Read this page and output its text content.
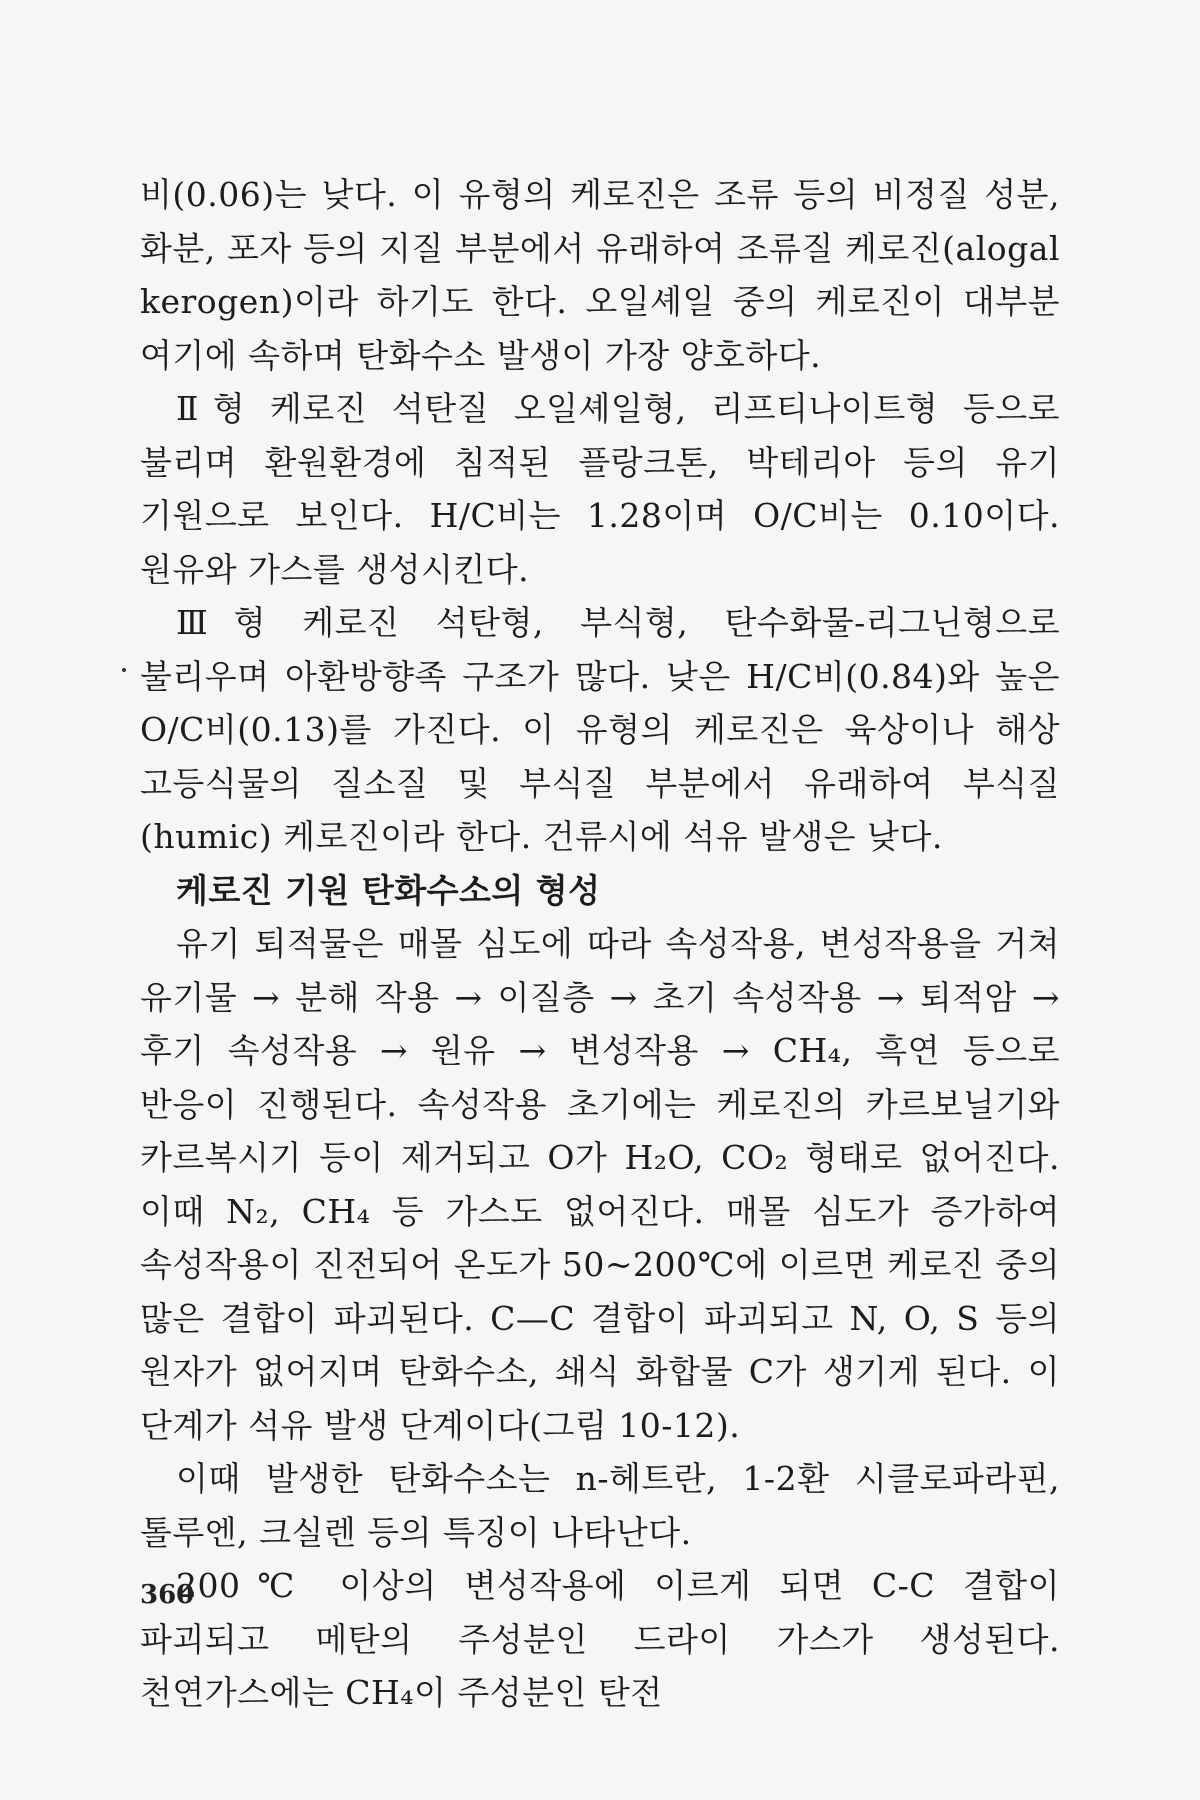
비(0.06)는 낮다. 이 유형의 케로진은 조류 등의 비정질 성분, 화분, 포자 등의 지질 부분에서 유래하여 조류질 케로진(alogal kerogen)이라 하기도 한다. 오일셰일 중의 케로진이 대부분 여기에 속하며 탄화수소 발생이 가장 양호하다.

Ⅱ형 케로진 석탄질 오일셰일형, 리프티나이트형 등으로 불리며 환원환경에 침적된 플랑크톤, 박테리아 등의 유기 기원으로 보인다. H/C비는 1.28이며 O/C비는 0.10이다. 원유와 가스를 생성시킨다.

Ⅲ형 케로진 석탄형, 부식형, 탄수화물-리그닌형으로 불리우며 아환방향족 구조가 많다. 낮은 H/C비(0.84)와 높은 O/C비(0.13)를 가진다. 이 유형의 케로진은 육상이나 해상 고등식물의 질소질 및 부식질 부분에서 유래하여 부식질(humic) 케로진이라 한다. 건류시에 석유 발생은 낮다.

케로진 기원 탄화수소의 형성

유기 퇴적물은 매몰 심도에 따라 속성작용, 변성작용을 거쳐 유기물 → 분해 작용 → 이질층 → 초기 속성작용 → 퇴적암 → 후기 속성작용 → 원유 → 변성작용 → CH₄, 흑연 등으로 반응이 진행된다. 속성작용 초기에는 케로진의 카르보닐기와 카르복시기 등이 제거되고 O가 H₂O, CO₂ 형태로 없어진다. 이때 N₂, CH₄ 등 가스도 없어진다. 매몰 심도가 증가하여 속성작용이 진전되어 온도가 50~200℃에 이르면 케로진 중의 많은 결합이 파괴된다. C—C 결합이 파괴되고 N, O, S 등의 원자가 없어지며 탄화수소, 쇄식 화합물 C가 생기게 된다. 이 단계가 석유 발생 단계이다(그림 10-12).

이때 발생한 탄화수소는 n-헤트란, 1-2환 시클로파라핀, 톨루엔, 크실렌 등의 특징이 나타난다.

200℃ 이상의 변성작용에 이르게 되면 C-C 결합이 파괴되고 메탄의 주성분인 드라이 가스가 생성된다. 천연가스에는 CH₄이 주성분인 탄전

360
